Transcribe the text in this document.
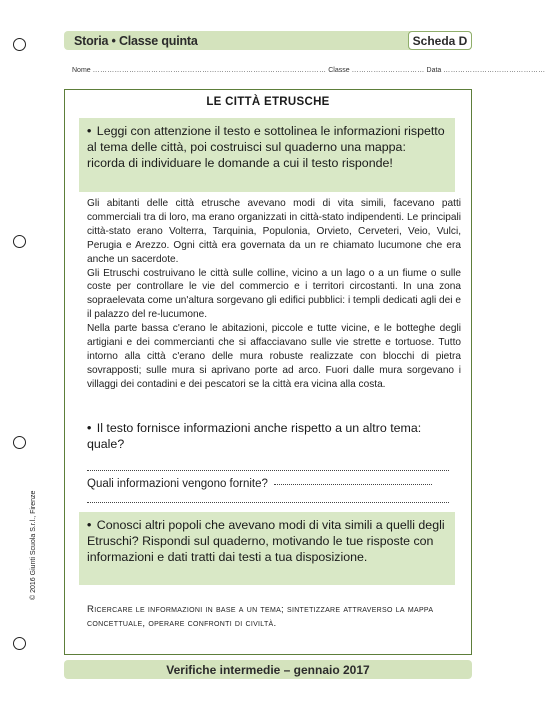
Storia • Classe quinta	Scheda D
Nome …………………………………………………………………………………… Classe ………………………… Data ……………………………………
LE CITTÀ ETRUSCHE

• Leggi con attenzione il testo e sottolinea le informazioni rispetto al tema delle città, poi costruisci sul quaderno una mappa: ricorda di individuare le domande a cui il testo risponde!

Gli abitanti delle città etrusche avevano modi di vita simili, facevano patti commerciali tra di loro, ma erano organizzati in città-stato indipendenti. Le principali città-stato erano Volterra, Tarquinia, Populonia, Orvieto, Cerveteri, Veio, Vulci, Perugia e Arezzo. Ogni città era governata da un re chiamato lucumone che era anche un sacerdote.

Gli Etruschi costruivano le città sulle colline, vicino a un lago o a un fiume o sulle coste per controllare le vie del commercio e i territori circostanti. In una zona sopraelevata come un'altura sorgevano gli edifici pubblici: i templi dedicati agli dei e il palazzo del re-lucumone.

Nella parte bassa c'erano le abitazioni, piccole e tutte vicine, e le botteghe degli artigiani e dei commercianti che si affacciavano sulle vie strette e tortuose. Tutto intorno alla città c'erano delle mura robuste realizzate con blocchi di pietra sovrapposti; sulle mura si aprivano porte ad arco. Fuori dalle mura sorgevano i villaggi dei contadini e dei pescatori se la città era vicina alla costa.

• Il testo fornisce informazioni anche rispetto a un altro tema: quale?

Quali informazioni vengono fornite?

• Conosci altri popoli che avevano modi di vita simili a quelli degli Etruschi? Rispondi sul quaderno, motivando le tue risposte con informazioni e dati tratti dai testi a tua disposizione.

Ricercare le informazioni in base a un tema; sintetizzare attraverso la mappa concettuale, operare confronti di civiltà.
© 2016 Giunti Scuola S.r.l., Firenze
Verifiche intermedie – gennaio 2017
